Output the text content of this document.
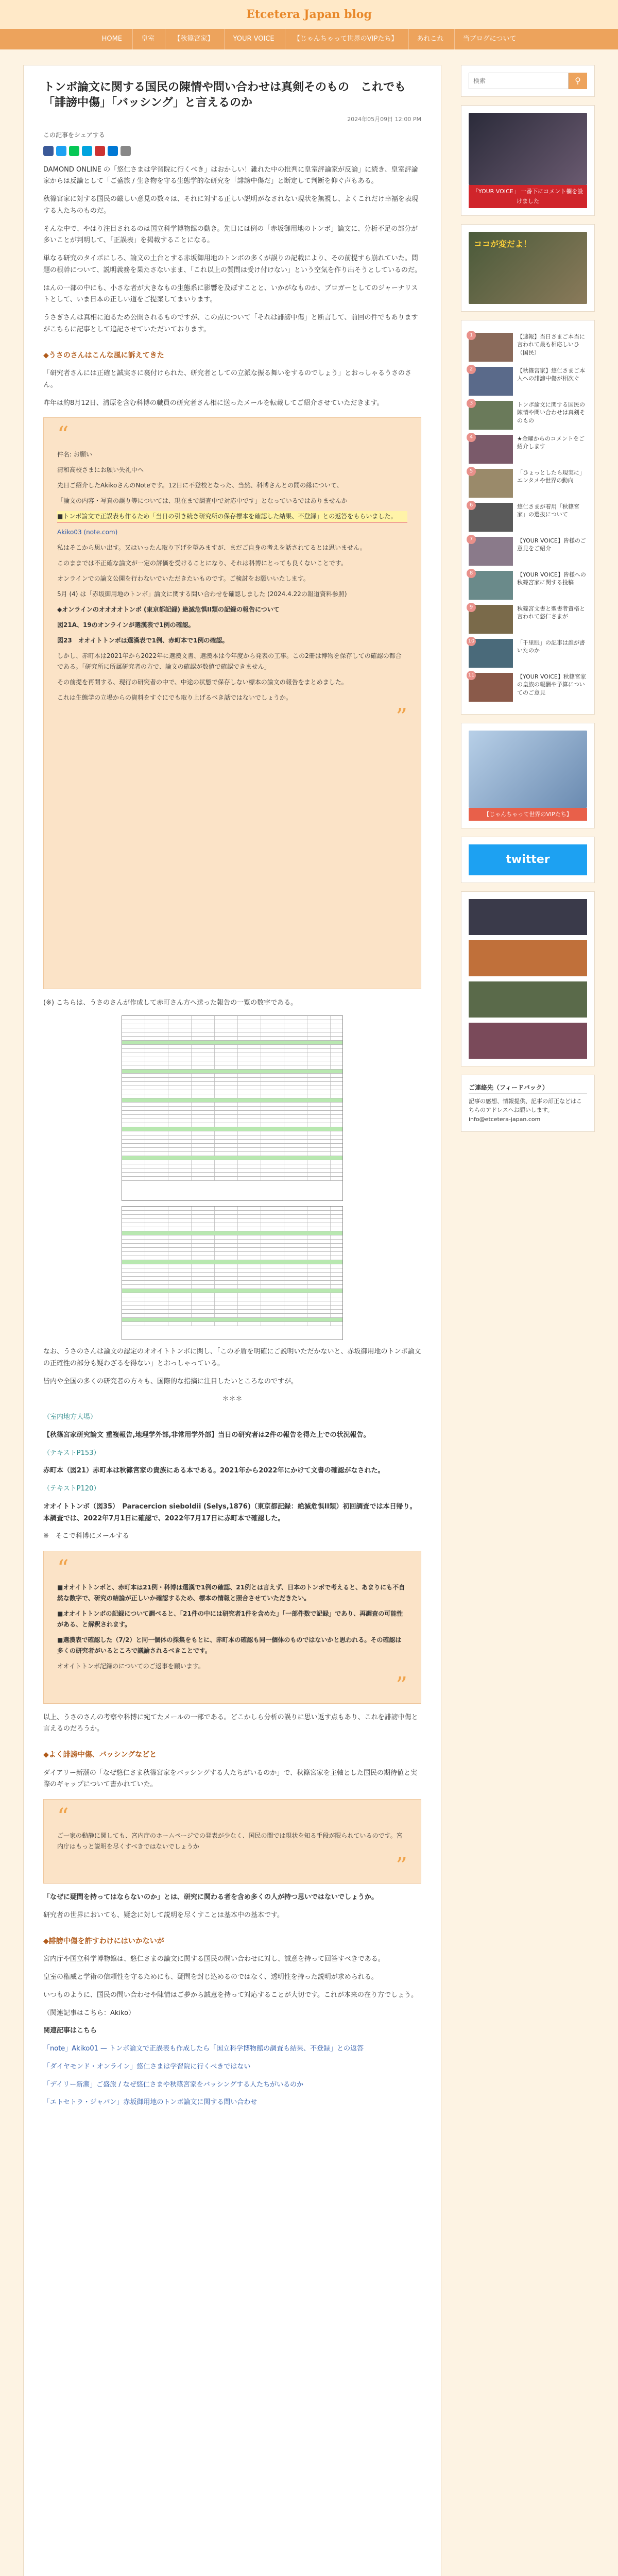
Etcetera Japan blog
HOME	皇室	【秋篠宮家】	YOUR VOICE	【じゃんちゃって世界のVIPたち】	あれこれ	当ブログについて
トンボ論文に関する国民の陳情や問い合わせは真剣そのもの　これでも「誹謗中傷」「バッシング」と言えるのか
2024年05月09日 12:00 PM
この記事をシェアする

DAMOND ONLINE の「悠仁さまは学習院に行くべき」はおかしい！雑れた中の批判に皇室評論家が反論」に続き、皇室評論家からは反論として「ご盛旅 / 生き物を守る生態学的な研究を「誹謗中傷だ」と断定して判断を仰ぐ声もある。

秋篠宮家に対する国民の厳しい意見の数々は、それに対する正しい説明がなされない現状を無視し、よくこれだけ幸福を表現する人たちのものだ。

そんな中で、やはり注目されるのは国立科学博物館の動き。先日には例の「赤坂御用地のトンボ」論文に、分析不足の部分が多いことが判明して、「正誤表」を掲載することになる。

単なる研究のタイポにしろ、論文の土台とする赤坂御用地のトンボの多くが誤りの記載により、その前提すら崩れていた。問題の根幹について、説明義務を果たさないまま、「これ以上の質問は受け付けない」という空気を作り出そうとしているのだ。

はんの一部の中にも、小さな者が大きなもの生態系に影響を及ぼすことと、いかがなものか、ブロガーとしてのジャーナリストとして、いま日本の正しい道をご提案してまいります。

うさぎさんは真相に迫るため公開されるものですが、この点について「それは誹謗中傷」と断言して、前回の件でもありますがこちらに記事として追記させていただいております。

◆うさのさんはこんな風に訴えてきた

「研究者さんには正確と誠実さに裏付けられた、研究者としての立派な振る舞いをするのでしょう」とおっしゃるうさのさん。

昨年は約8月12日、清原を含む科博の職員の研究者さん相に送ったメールを転載してご紹介させていただきます。

“

件名: お願い

清和高校さまにお願い失礼中へ

先日ご紹介したAkikoさんのNoteです。12日に不登校となった、当然、科博さんとの間の縁について、

「論文の内容・写真の誤り等については、現在まで調査中で対応中です」となっているではありませんか

■トンボ論文で正誤表も作るため「当日の引き続き研究所の保存標本を確認した結果、不登録」との返答をもらいました。

Akiko03 (note.com)

私はそこから思い出す。又はいったん取り下げを望みますが、まだご自身の考えを話されてるとは思いません。

このままでは不正確な論文が一定の評価を受けることになり、それは科博にとっても良くないことです。

オンラインでの論文公開を行わないでいただきたいものです。ご検討をお願いいたします。

5月 (4) は「赤坂御用地のトンボ」論文に関する問い合わせを確認しました (2024.4.22の報道資料参照)

◆オンラインのオオオオトンボ (東京都記録) 絶滅危惧II類の記録の報告について

図21A、19のオンラインが選漢表で1例の確認。

図23　オオイトトンボは選漢表で1例、赤町本で1例の確認。

しかし、赤町本は2021年から2022年に選漢文書、選漢本は今年度から発表の工事。この2冊は博物を保存しての確認の都合である。「研究所に所属研究者の方で、論文の確認が数値で確認できません」

その前提を再開する、現行の研究者の中で、中途の状態で保存しない標本の論文の報告をまとめました。

これは生態学の立場からの資料をすぐにでも取り上げるべき話ではないでしょうか。

”

(※) こちらは、うさのさんが作成して赤町さん方へ送った報告の一覧の数字である。

なお、うさのさんは論文の認定のオオイトトンボに関し、「この矛盾を明確にご説明いただかないと、赤坂御用地のトンボ論文の正確性の部分も疑わざるを得ない」とおっしゃっている。

皆内や全国の多くの研究者の方々も、国際的な指摘に注目したいところなのですが。

＊＊＊

（室内地方大場）

【秋篠宮家研究論文 重複報告,地理学外部,非常用学外部】当日の研究者は2件の報告を得た上での状況報告。

（テキストP153）

赤町本（図21）赤町本は秋篠宮家の貴族にある本である。2021年から2022年にかけて文書の確認がなされた。

（テキストP120）

オオイトトンボ（図35）　Paracercion sieboldii (Selys,1876)（東京都記録：絶滅危惧II類）初回調査では本日帰り。本調査では、2022年7月1日に確認で、2022年7月17日に赤町本で確認した。

※　そこで科博にメールする

“

■オオイトトンボと、赤町本は21例・科博は選漢で1例の確認、21例とは言えず、日本のトンボで考えると、あまりにも不自然な数字で、研究の結論が正しいか確認するため、標本の情報と照合させていただきたい。

■オオイトトンボの記録について調べると、「21件の中には研究者1件を含めた」「一部件数で記録」であり、再調査の可能性がある、と解釈されます。

■選漢表で確認した（7/2）と同一個体の採集をもとに、赤町本の確認も同一個体のものではないかと思われる。その確認は多くの研究者がいるところで議論されるべきことです。

オオイトトンボ記録のについてのご返事を願います。

”

以上、うさのさんの考察や科博に宛てたメールの一部である。どこかしら分析の誤りに思い返す点もあり、これを誹謗中傷と言えるのだろうか。

◆よく誹謗中傷、バッシングなどと

ダイアリー新潮の「なぜ悠仁さま秋篠宮家をバッシングする人たちがいるのか」で、秋篠宮家を主軸とした国民の期待値と実際のギャップについて書かれていた。

“

ご一家の動静に関しても、宮内庁のホームページでの発表が少なく、国民の間では現状を知る手段が限られているのです。宮内庁はもっと説明を尽くすべきではないでしょうか

”

「なぜに疑問を持ってはならないのか」とは、研究に関わる者を含め多くの人が持つ思いではないでしょうか。

研究者の世界においても、疑念に対して説明を尽くすことは基本中の基本です。

◆誹謗中傷を許すわけにはいかないが

宮内庁や国立科学博物館は、悠仁さまの論文に関する国民の問い合わせに対し、誠意を持って回答すべきである。

皇室の権威と学術の信頼性を守るためにも、疑問を封じ込めるのではなく、透明性を持った説明が求められる。

いつものように、国民の問い合わせや陳情はご夢から誠意を持って対応することが大切です。これが本来の在り方でしょう。

（関連記事はこちら：Akiko）

関連記事はこちら

「note」Akiko01 — トンボ論文で正誤表も作成したら「国立科学博物館の調査も結果、不登録」との返答

「ダイヤモンド・オンライン」悠仁さまは学習院に行くべきではない

「デイリー新潮」ご盛旅 / なぜ悠仁さまや秋篠宮家をバッシングする人たちがいるのか

「エトセトラ・ジャパン」赤坂御用地のトンボ論文に関する問い合わせ

検索
⚲
「YOUR VOICE」 一番下にコメント欄を設けました
ココが変だよ！
1	【速報】当日さまご本当に言われて最も相応しいひ（国民）
2	【秋篠宮家】悠仁さまご本人への誹謗中傷が相次ぐ
3	トンボ論文に関する国民の陳情や問い合わせは真剣そのもの
4	★金曜からのコメントをご紹介します
5	「ひょっとしたら現実に」エンタメや世界の動向
6	悠仁さまが着用「秋篠宮家」の選抜について
7	【YOUR VOICE】皆様のご意見をご紹介
8	【YOUR VOICE】皆様への秋篠宮家に関する投稿
9	秋篠宮文書と聖書者資格と言われて悠仁さまが
10	「千里眼」の記事は誰が書いたのか
11	【YOUR VOICE】秋篠宮家の皇族の報酬や予算についてのご意見
【じゃんちゃって世界のVIPたち】
twitter
ご連絡先（フィードバック）
記事の感想、情報提供、記事の訂正などはこちらのアドレスへお願いします。info@etcetera-japan.com
